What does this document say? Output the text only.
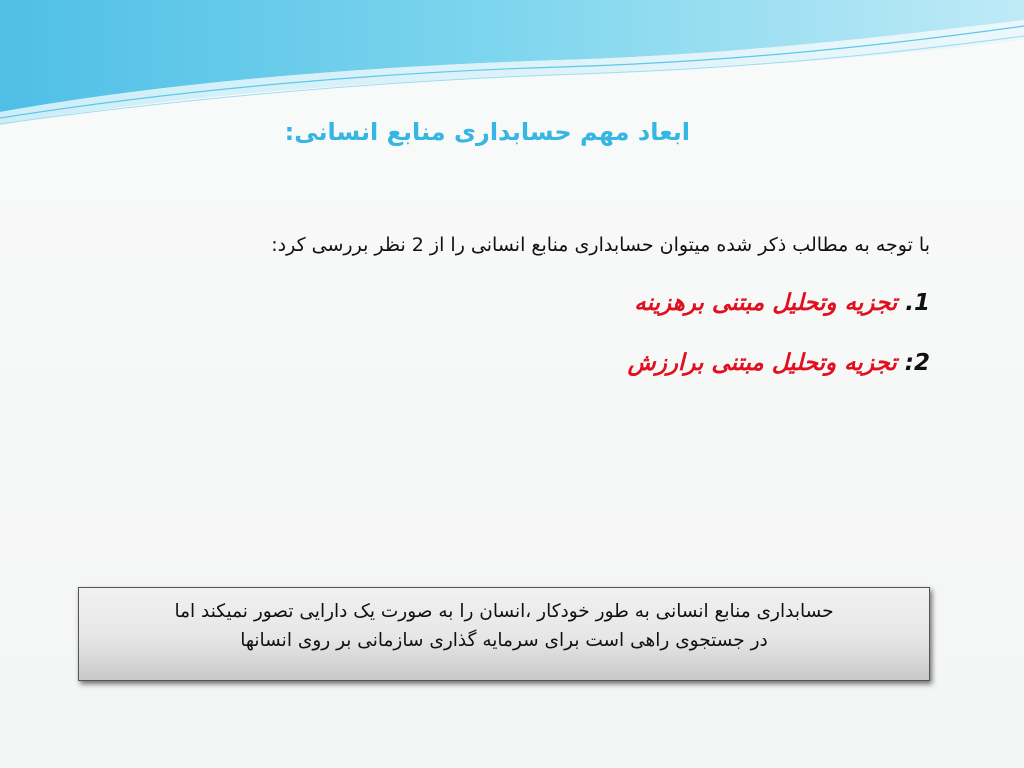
ابعاد مهم حسابداری منابع انسانی:
با توجه به مطالب ذکر شده میتوان حسابداری منابع انسانی را از 2 نظر بررسی کرد:
1. تجزیه وتحلیل مبتنی برهزینه
2: تجزیه وتحلیل مبتنی برارزش
حسابداری منابع انسانی به طور خودکار ،انسان را به صورت یک دارایی تصور نمیکند اما
در جستجوی راهی است برای سرمایه گذاری سازمانی بر روی انسانها
